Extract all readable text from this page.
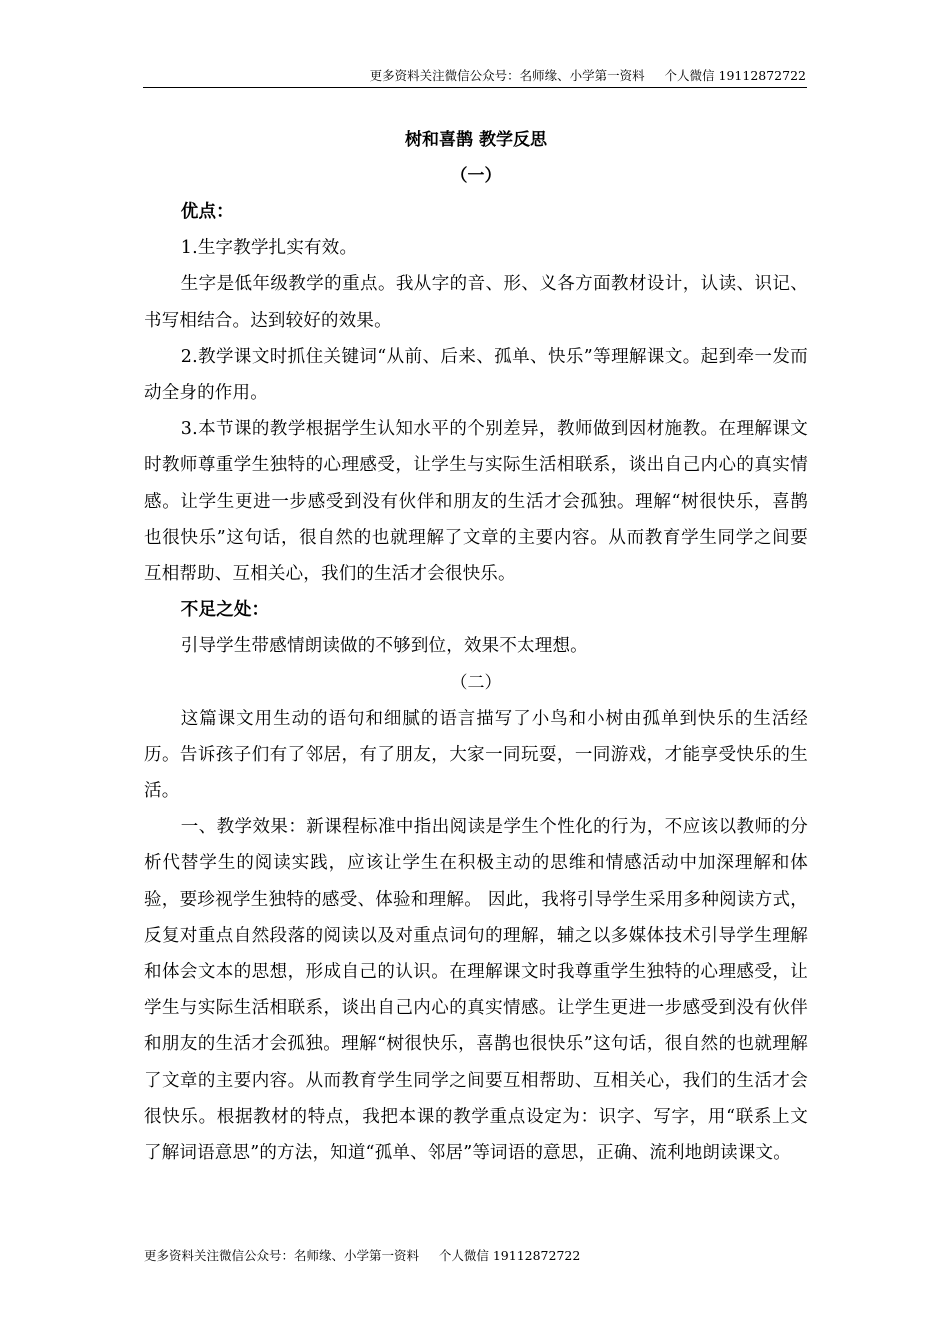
更多资料关注微信公众号：名师缘、小学第一资料     个人微信 19112872722

树和喜鹊 教学反思

（一）

优点：

1.生字教学扎实有效。

生字是低年级教学的重点。我从字的音、形、义各方面教材设计，认读、识记、书写相结合。达到较好的效果。

2.教学课文时抓住关键词“从前、后来、孤单、快乐”等理解课文。起到牵一发而动全身的作用。

3.本节课的教学根据学生认知水平的个别差异，教师做到因材施教。在理解课文时教师尊重学生独特的心理感受，让学生与实际生活相联系，谈出自己内心的真实情感。让学生更进一步感受到没有伙伴和朋友的生活才会孤独。理解“树很快乐，喜鹊也很快乐”这句话，很自然的也就理解了文章的主要内容。从而教育学生同学之间要互相帮助、互相关心，我们的生活才会很快乐。

不足之处：

引导学生带感情朗读做的不够到位，效果不太理想。

（二）

这篇课文用生动的语句和细腻的语言描写了小鸟和小树由孤单到快乐的生活经历。告诉孩子们有了邻居，有了朋友，大家一同玩耍，一同游戏，才能享受快乐的生活。

一、教学效果：新课程标准中指出阅读是学生个性化的行为，不应该以教师的分析代替学生的阅读实践，应该让学生在积极主动的思维和情感活动中加深理解和体验，要珍视学生独特的感受、体验和理解。 因此，我将引导学生采用多种阅读方式，反复对重点自然段落的阅读以及对重点词句的理解，辅之以多媒体技术引导学生理解和体会文本的思想，形成自己的认识。在理解课文时我尊重学生独特的心理感受，让学生与实际生活相联系，谈出自己内心的真实情感。让学生更进一步感受到没有伙伴和朋友的生活才会孤独。理解“树很快乐，喜鹊也很快乐”这句话，很自然的也就理解了文章的主要内容。从而教育学生同学之间要互相帮助、互相关心，我们的生活才会很快乐。根据教材的特点，我把本课的教学重点设定为：识字、写字，用“联系上文了解词语意思”的方法，知道“孤单、邻居”等词语的意思，正确、流利地朗读课文。

更多资料关注微信公众号：名师缘、小学第一资料     个人微信 19112872722
